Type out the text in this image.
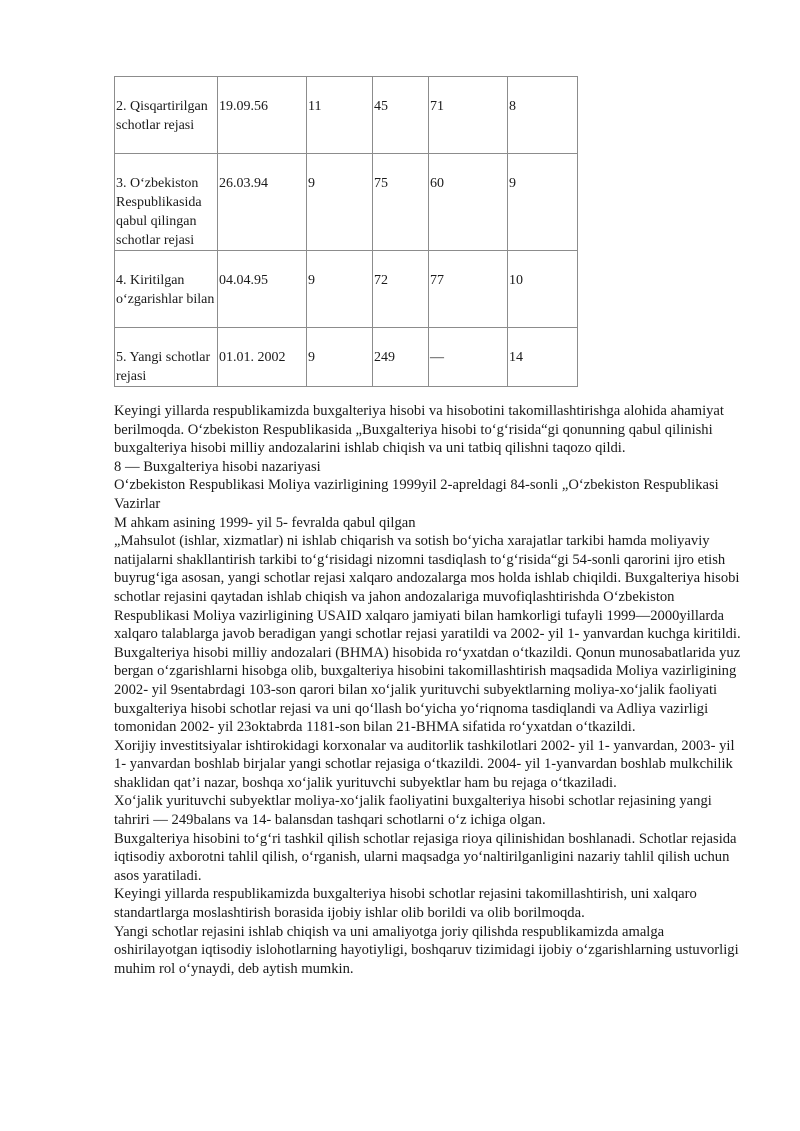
2. Qisqartirilgan schotlar rejasi	19.09.56	11	45	71	8

3. O‘zbekiston Respublikasida qabul qilingan schotlar rejasi	26.03.94	9	75	60	9

4. Kiritilgan o‘zgarishlar bilan	04.04.95	9	72	77	10

5. Yangi schotlar rejasi	01.01. 2002	9	249	—	14

Keyingi yillarda respublikamizda buxgalteriya hisobi va hisobotini takomillashtirishga alohida ahamiyat berilmoqda. O‘zbekiston Respublikasida „Buxgalteriya hisobi to‘g‘risida“gi qonunning qabul qilinishi buxgalteriya hisobi milliy andozalarini ishlab chiqish va uni tatbiq qilishni taqozo qildi.

8 — Buxgalteriya hisobi nazariyasi

O‘zbekiston Respublikasi Moliya vazirligining 1999yil 2-apreldagi 84-sonli „O‘zbekiston Respublikasi Vazirlar

M ahkam asining 1999- yil 5- fevralda qabul qilgan

„Mahsulot (ishlar, xizmatlar) ni ishlab chiqarish va sotish bo‘yicha xarajatlar tarkibi hamda moliyaviy natijalarni shakllantirish tarkibi to‘g‘risidagi nizomni tasdiqlash to‘g‘risida“gi 54-sonli qarorini ijro etish buyrug‘iga asosan, yangi schotlar rejasi xalqaro andozalarga mos holda ishlab chiqildi. Buxgalteriya hisobi schotlar rejasini qaytadan ishlab chiqish va jahon andozalariga muvofiqlashtirishda O‘zbekiston Respublikasi Moliya vazirligining USAID xalqaro jamiyati bilan hamkorligi tufayli 1999—2000yillarda xalqaro talablarga javob beradigan yangi schotlar rejasi yaratildi va 2002- yil 1- yanvardan kuchga kiritildi. Buxgalteriya hisobi milliy andozalari (BHMA) hisobida ro‘yxatdan o‘tkazildi. Qonun munosabatlarida yuz bergan o‘zgarishlarni hisobga olib, buxgalteriya hisobini takomillashtirish maqsadida Moliya vazirligining 2002- yil 9sentabrdagi 103-son qarori bilan xo‘jalik yurituvchi subyektlarning moliya-xo‘jalik faoliyati buxgalteriya hisobi schotlar rejasi va uni qo‘llash bo‘yicha yo‘riqnoma tasdiqlandi va Adliya vazirligi tomonidan 2002- yil 23oktabrda 1181-son bilan 21-BHMA sifatida ro‘yxatdan o‘tkazildi.

Xorijiy investitsiyalar ishtirokidagi korxonalar va auditorlik tashkilotlari 2002- yil 1- yanvardan, 2003- yil 1- yanvardan boshlab birjalar yangi schotlar rejasiga o‘tkazildi. 2004- yil 1-yanvardan boshlab mulkchilik shaklidan qat’i nazar, boshqa xo‘jalik yurituvchi subyektlar ham bu rejaga o‘tkaziladi.

Xo‘jalik yurituvchi subyektlar moliya-xo‘jalik faoliyatini buxgalteriya hisobi schotlar rejasining yangi tahriri — 249balans va 14- balansdan tashqari schotlarni o‘z ichiga olgan.

Buxgalteriya hisobini to‘g‘ri tashkil qilish schotlar rejasiga rioya qilinishidan boshlanadi. Schotlar rejasida iqtisodiy axborotni tahlil qilish, o‘rganish, ularni maqsadga yo‘naltirilganligini nazariy tahlil qilish uchun asos yaratiladi.

Keyingi yillarda respublikamizda buxgalteriya hisobi schotlar rejasini takomillashtirish, uni xalqaro standartlarga moslashtirish borasida ijobiy ishlar olib borildi va olib borilmoqda.

Yangi schotlar rejasini ishlab chiqish va uni amaliyotga joriy qilishda respublikamizda amalga oshirilayotgan iqtisodiy islohotlarning hayotiyligi, boshqaruv tizimidagi ijobiy o‘zgarishlarning ustuvorligi muhim rol o‘ynaydi, deb aytish mumkin.
